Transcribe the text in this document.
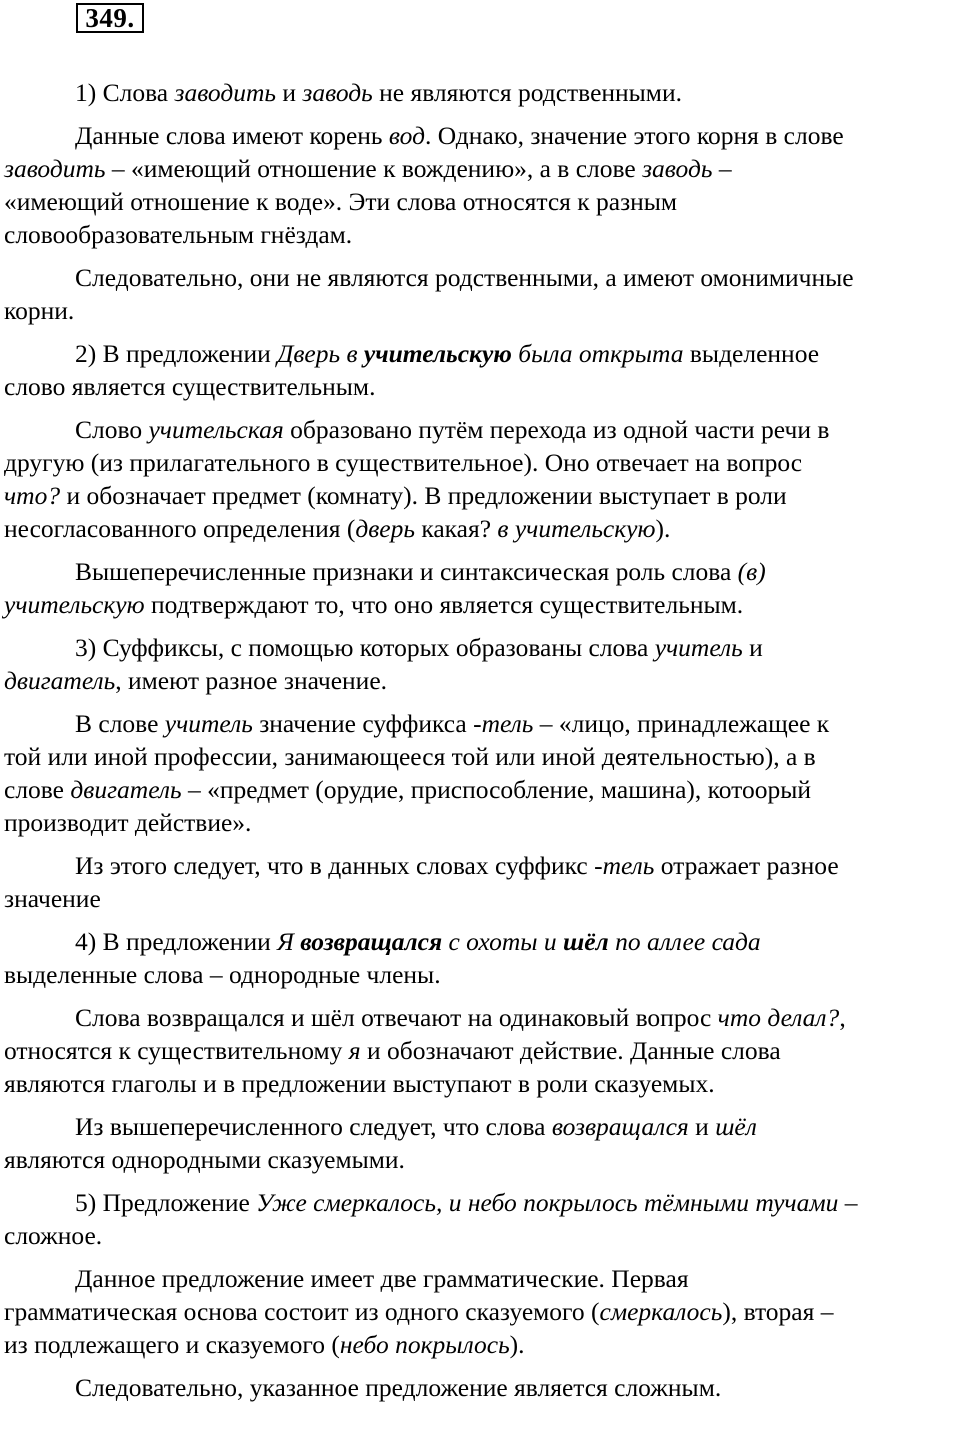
349.

1) Слова заводить и заводь не являются родственными.

Данные слова имеют корень вод. Однако, значение этого корня в слове
заводить – «имеющий отношение к вождению», а в слове заводь –
«имеющий отношение к воде». Эти слова относятся к разным
словообразовательным гнёздам.

Следовательно, они не являются родственными, а имеют омонимичные
корни.

2) В предложении Дверь в учительскую была открыта выделенное
слово является существительным.

Слово учительская образовано путём перехода из одной части речи в
другую (из прилагательного в существительное). Оно отвечает на вопрос
что? и обозначает предмет (комнату). В предложении выступает в роли
несогласованного определения (дверь какая? в учительскую).

Вышеперечисленные признаки и синтаксическая роль слова (в)
учительскую подтверждают то, что оно является существительным.

3) Суффиксы, с помощью которых образованы слова учитель и
двигатель, имеют разное значение.

В слове учитель значение суффикса -тель – «лицо, принадлежащее к
той или иной профессии, занимающееся той или иной деятельностью), а в
слове двигатель – «предмет (орудие, приспособление, машина), котоорый
производит действие».

Из этого следует, что в данных словах суффикс -тель отражает разное
значение

4) В предложении Я возвращался с охоты и шёл по аллее сада
выделенные слова – однородные члены.

Слова возвращался и шёл отвечают на одинаковый вопрос что делал?,
относятся к существительному я и обозначают действие. Данные слова
являются глаголы и в предложении выступают в роли сказуемых.

Из вышеперечисленного следует, что слова возвращался и шёл
являются однородными сказуемыми.

5) Предложение Уже смеркалось, и небо покрылось тёмными тучами –
сложное.

Данное предложение имеет две грамматические. Первая
грамматическая основа состоит из одного сказуемого (смеркалось), вторая –
из подлежащего и сказуемого (небо покрылось).

Следовательно, указанное предложение является сложным.
